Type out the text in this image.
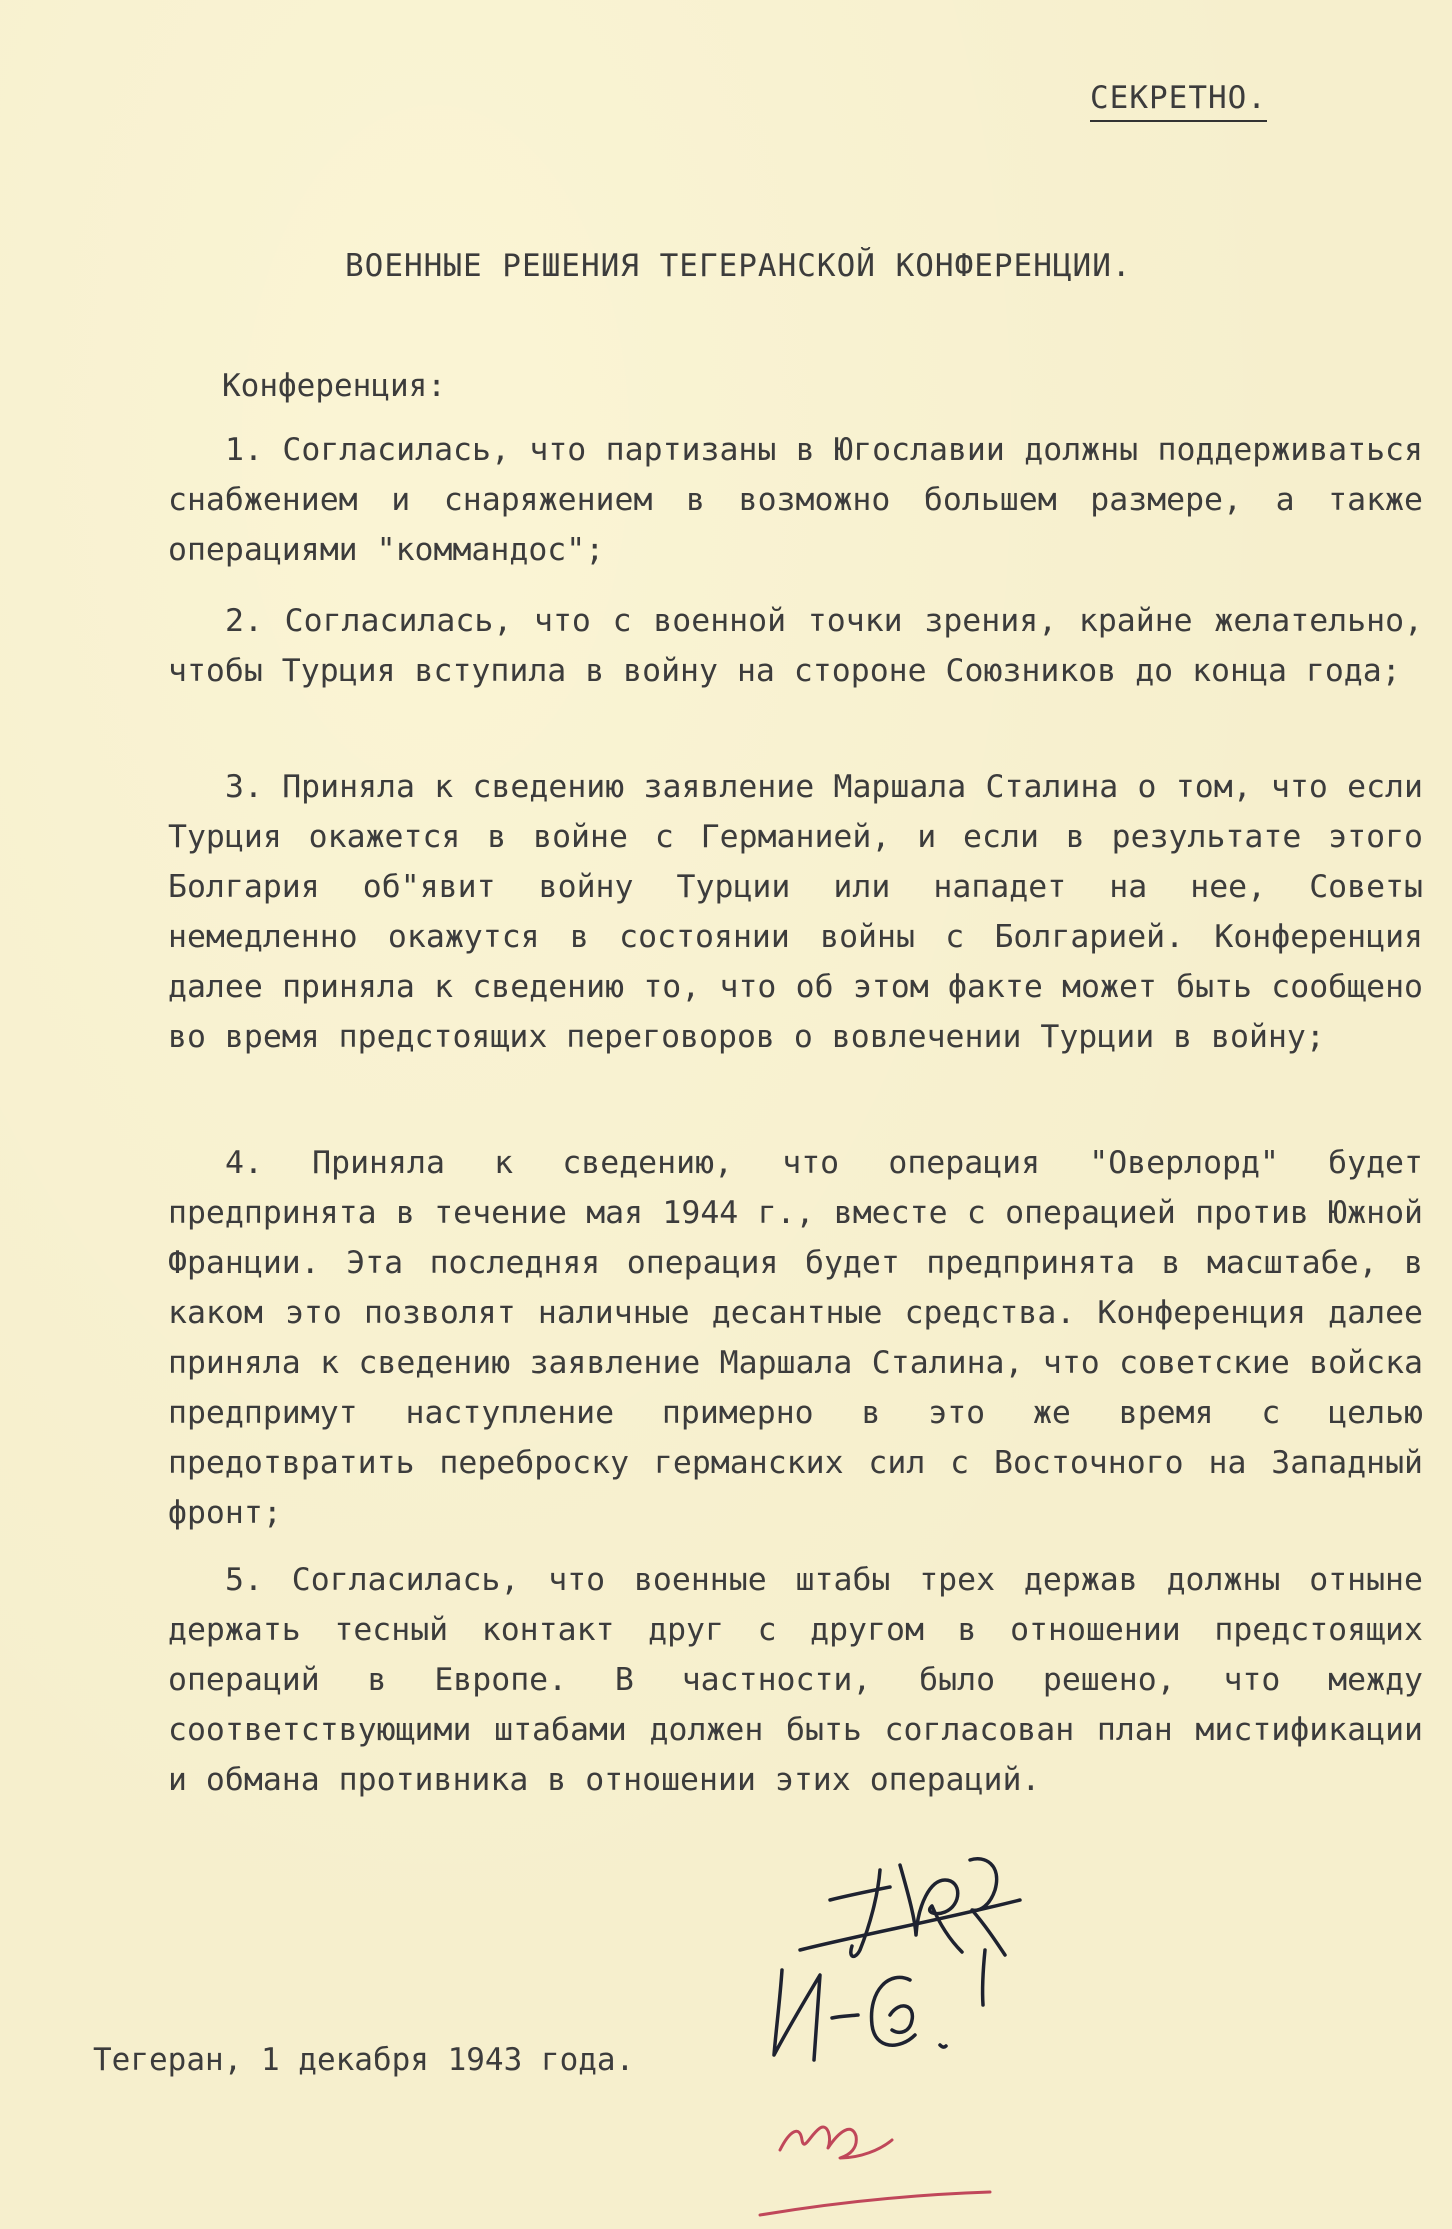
СЕКРЕТНО.
ВОЕННЫЕ РЕШЕНИЯ ТЕГЕРАНСКОЙ КОНФЕРЕНЦИИ.
Конференция:

1. Согласилась, что партизаны в Югославии должны поддерживаться снабжением и снаряжением в возможно большем размере, а также операциями "коммандос";

2. Согласилась, что с военной точки зрения, крайне желательно, чтобы Турция вступила в войну на стороне Союзников до конца года;

3. Приняла к сведению заявление Маршала Сталина о том, что если Турция окажется в войне с Германией, и если в результате этого Болгария об"явит войну Турции или нападет на нее, Советы немедленно окажутся в состоянии войны с Болгарией. Конференция далее приняла к сведению то, что об этом факте может быть сообщено во время предстоящих переговоров о вовлечении Турции в войну;

4. Приняла к сведению, что операция "Оверлорд" будет предпринята в течение мая 1944 г., вместе с операцией против Южной Франции. Эта последняя операция будет предпринята в масштабе, в каком это позволят наличные десантные средства. Конференция далее приняла к сведению заявление Маршала Сталина, что советские войска предпримут наступление примерно в это же время с целью предотвратить переброску германских сил с Восточного на Западный фронт;

5. Согласилась, что военные штабы трех держав должны отныне держать тесный контакт друг с другом в отношении предстоящих операций в Европе. В частности, было решено, что между соответствующими штабами должен быть согласован план мистификации и обмана противника в отношении этих операций.

Тегеран, 1 декабря 1943 года.
